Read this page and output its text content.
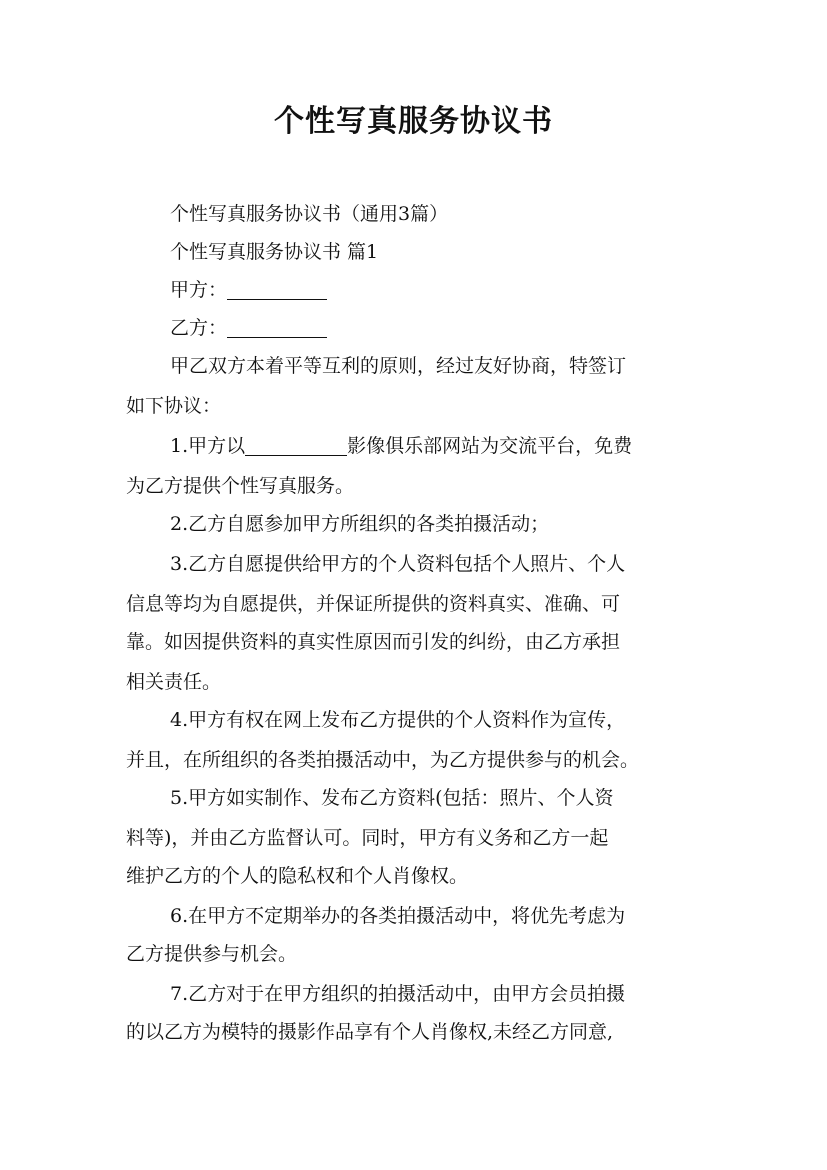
个性写真服务协议书
个性写真服务协议书（通用3篇）
个性写真服务协议书 篇1
甲方：
乙方：
甲乙双方本着平等互利的原则，经过友好协商，特签订
如下协议：
1.甲方以	影像俱乐部网站为交流平台，免费
为乙方提供个性写真服务。
2.乙方自愿参加甲方所组织的各类拍摄活动；
3.乙方自愿提供给甲方的个人资料包括个人照片、个人
信息等均为自愿提供，并保证所提供的资料真实、准确、可
靠。如因提供资料的真实性原因而引发的纠纷，由乙方承担
相关责任。
4.甲方有权在网上发布乙方提供的个人资料作为宣传，
并且，在所组织的各类拍摄活动中，为乙方提供参与的机会。
5.甲方如实制作、发布乙方资料(包括：照片、个人资
料等)，并由乙方监督认可。同时，甲方有义务和乙方一起
维护乙方的个人的隐私权和个人肖像权。
6.在甲方不定期举办的各类拍摄活动中，将优先考虑为
乙方提供参与机会。
7.乙方对于在甲方组织的拍摄活动中，由甲方会员拍摄
的以乙方为模特的摄影作品享有个人肖像权,未经乙方同意,
